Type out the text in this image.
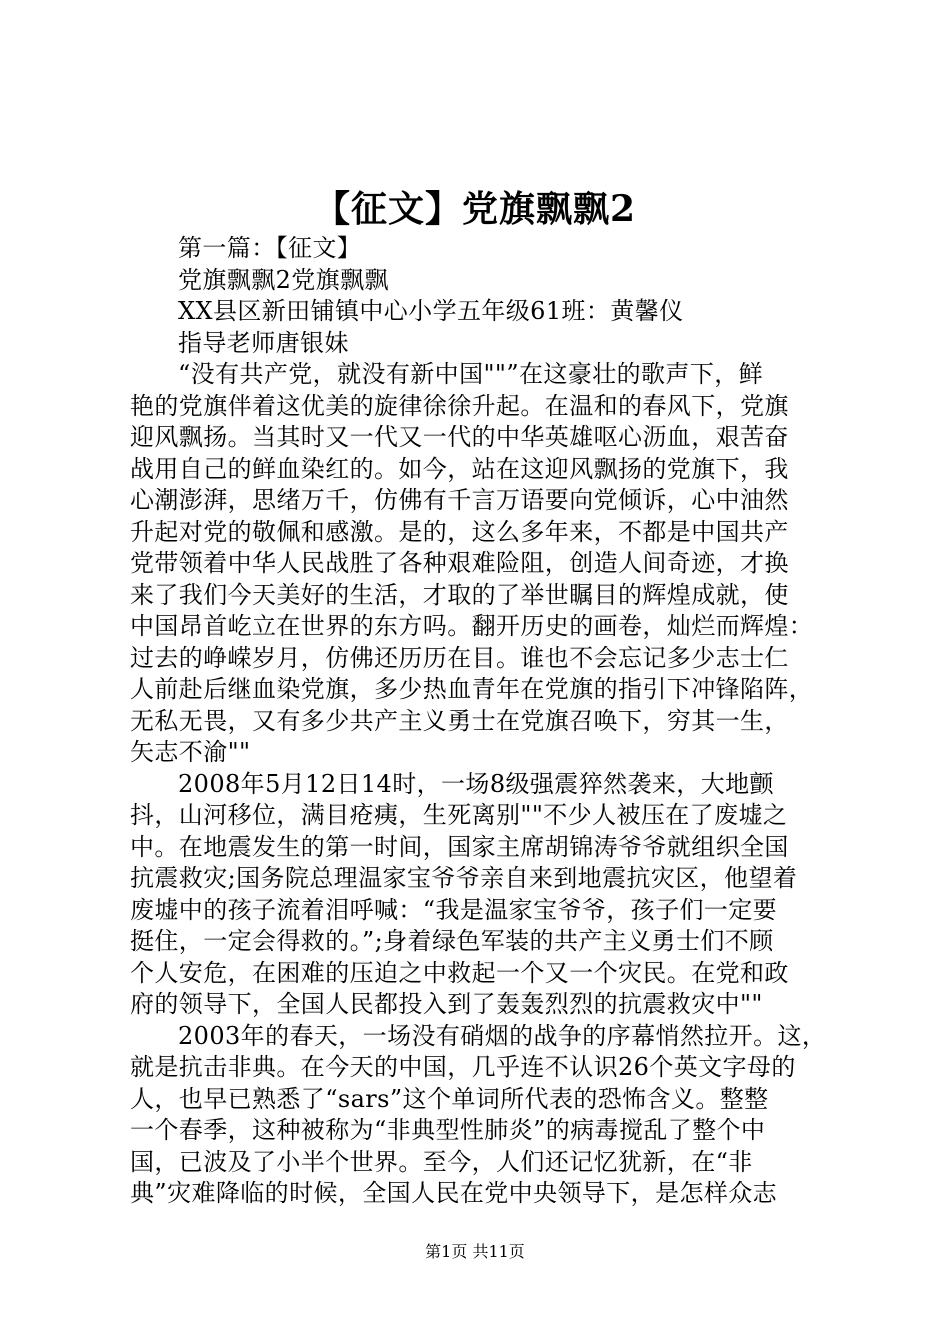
【征文】党旗飘飘2
第一篇：【征文】
党旗飘飘2党旗飘飘
XX县区新田铺镇中心小学五年级61班：黄馨仪
指导老师唐银妹
“没有共产党，就没有新中国""”在这豪壮的歌声下，鲜
艳的党旗伴着这优美的旋律徐徐升起。在温和的春风下，党旗
迎风飘扬。当其时又一代又一代的中华英雄呕心沥血，艰苦奋
战用自己的鲜血染红的。如今，站在这迎风飘扬的党旗下，我
心潮澎湃，思绪万千，仿佛有千言万语要向党倾诉，心中油然
升起对党的敬佩和感激。是的，这么多年来，不都是中国共产
党带领着中华人民战胜了各种艰难险阻，创造人间奇迹，才换
来了我们今天美好的生活，才取的了举世瞩目的辉煌成就，使
中国昂首屹立在世界的东方吗。翻开历史的画卷，灿烂而辉煌：
过去的峥嵘岁月，仿佛还历历在目。谁也不会忘记多少志士仁
人前赴后继血染党旗，多少热血青年在党旗的指引下冲锋陷阵，
无私无畏，又有多少共产主义勇士在党旗召唤下，穷其一生，
矢志不渝""
2008年5月12日14时，一场8级强震猝然袭来，大地颤
抖，山河移位，满目疮痍，生死离别""不少人被压在了废墟之
中。在地震发生的第一时间，国家主席胡锦涛爷爷就组织全国
抗震救灾;国务院总理温家宝爷爷亲自来到地震抗灾区，他望着
废墟中的孩子流着泪呼喊：“我是温家宝爷爷，孩子们一定要
挺住，一定会得救的。”;身着绿色军装的共产主义勇士们不顾
个人安危，在困难的压迫之中救起一个又一个灾民。在党和政
府的领导下，全国人民都投入到了轰轰烈烈的抗震救灾中""
2003年的春天，一场没有硝烟的战争的序幕悄然拉开。这，
就是抗击非典。在今天的中国，几乎连不认识26个英文字母的
人，也早已熟悉了“sars”这个单词所代表的恐怖含义。整整
一个春季，这种被称为“非典型性肺炎”的病毒搅乱了整个中
国，已波及了小半个世界。至今，人们还记忆犹新，在“非
典”灾难降临的时候，全国人民在党中央领导下，是怎样众志
第1页 共11页
